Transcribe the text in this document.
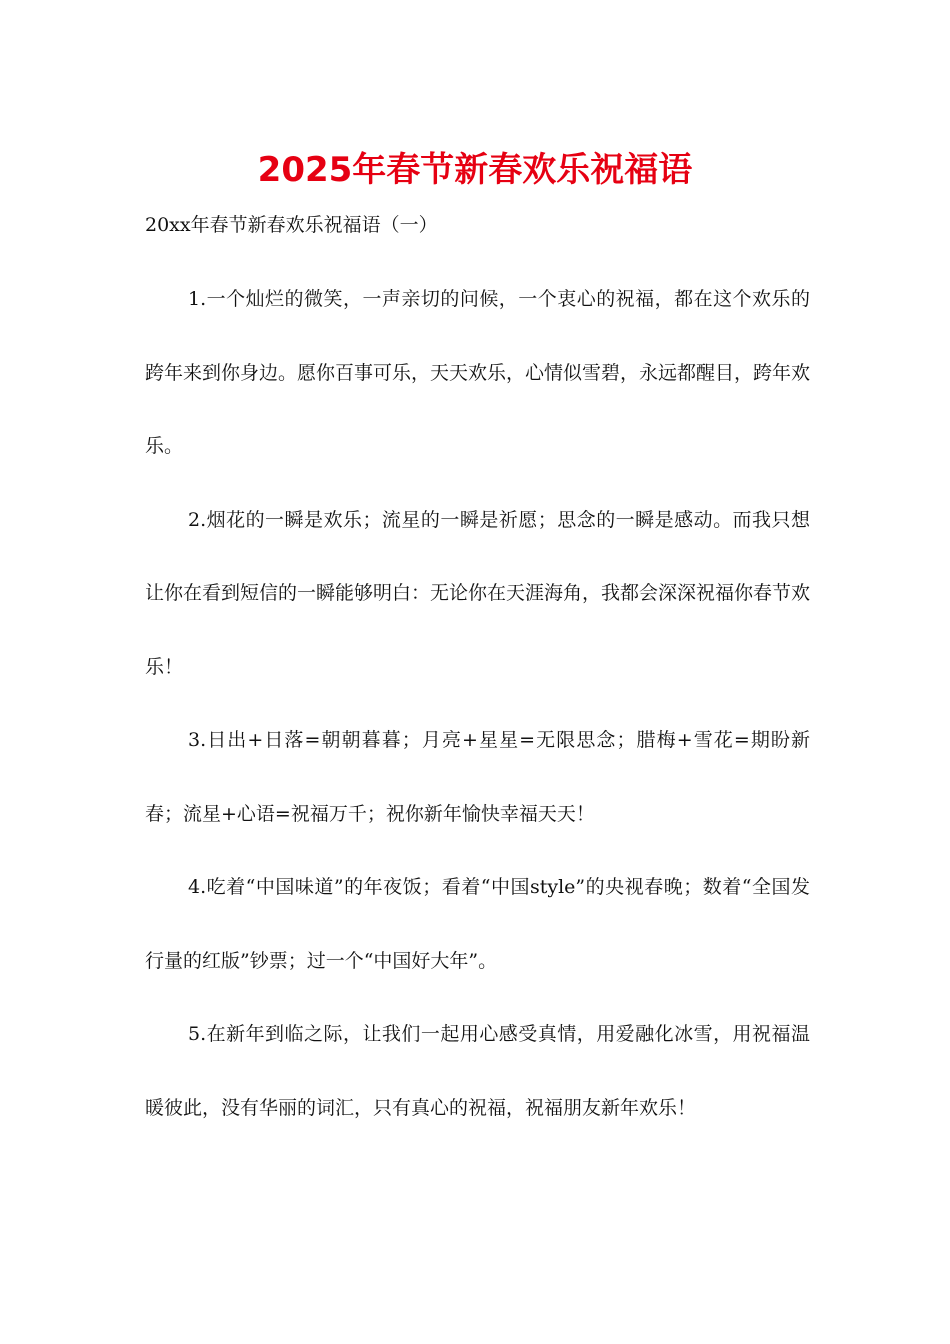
2025年春节新春欢乐祝福语
20xx年春节新春欢乐祝福语（一）

1.一个灿烂的微笑，一声亲切的问候，一个衷心的祝福，都在这个欢乐的跨年来到你身边。愿你百事可乐，天天欢乐，心情似雪碧，永远都醒目，跨年欢乐。

2.烟花的一瞬是欢乐；流星的一瞬是祈愿；思念的一瞬是感动。而我只想让你在看到短信的一瞬能够明白：无论你在天涯海角，我都会深深祝福你春节欢乐！

3.日出+日落=朝朝暮暮；月亮+星星=无限思念；腊梅+雪花=期盼新春；流星+心语=祝福万千；祝你新年愉快幸福天天！

4.吃着“中国味道”的年夜饭；看着“中国style”的央视春晚；数着“全国发行量的红版”钞票；过一个“中国好大年”。

5.在新年到临之际，让我们一起用心感受真情，用爱融化冰雪，用祝福温暖彼此，没有华丽的词汇，只有真心的祝福，祝福朋友新年欢乐！
